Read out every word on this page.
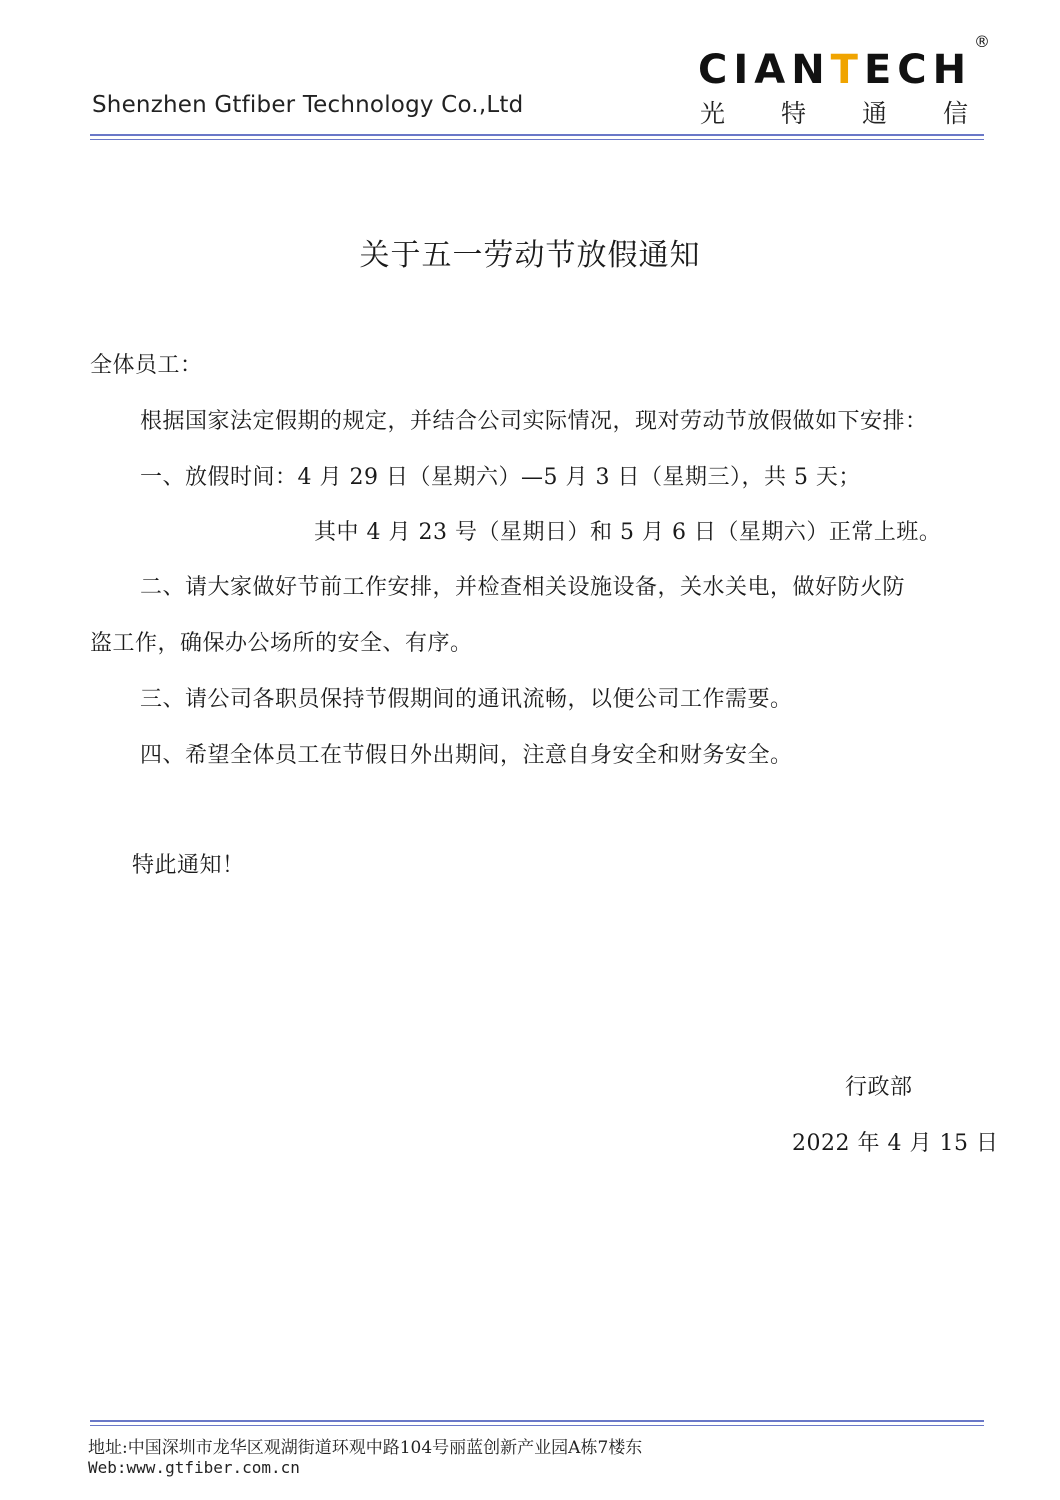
Shenzhen Gtfiber Technology Co.,Ltd
CIANTECH
®
光 特 通 信
关于五一劳动节放假通知
全体员工：
根据国家法定假期的规定，并结合公司实际情况，现对劳动节放假做如下安排：
一、放假时间：4 月 29 日（星期六）—5 月 3 日（星期三），共 5 天；
其中 4 月 23 号（星期日）和 5 月 6 日（星期六）正常上班。
二、请大家做好节前工作安排，并检查相关设施设备，关水关电，做好防火防
盗工作，确保办公场所的安全、有序。
三、请公司各职员保持节假期间的通讯流畅，以便公司工作需要。
四、希望全体员工在节假日外出期间，注意自身安全和财务安全。
特此通知！
行政部
2022 年 4 月 15 日
地址:中国深圳市龙华区观湖街道环观中路104号丽蓝创新产业园A栋7楼东
Web:www.gtfiber.com.cn
